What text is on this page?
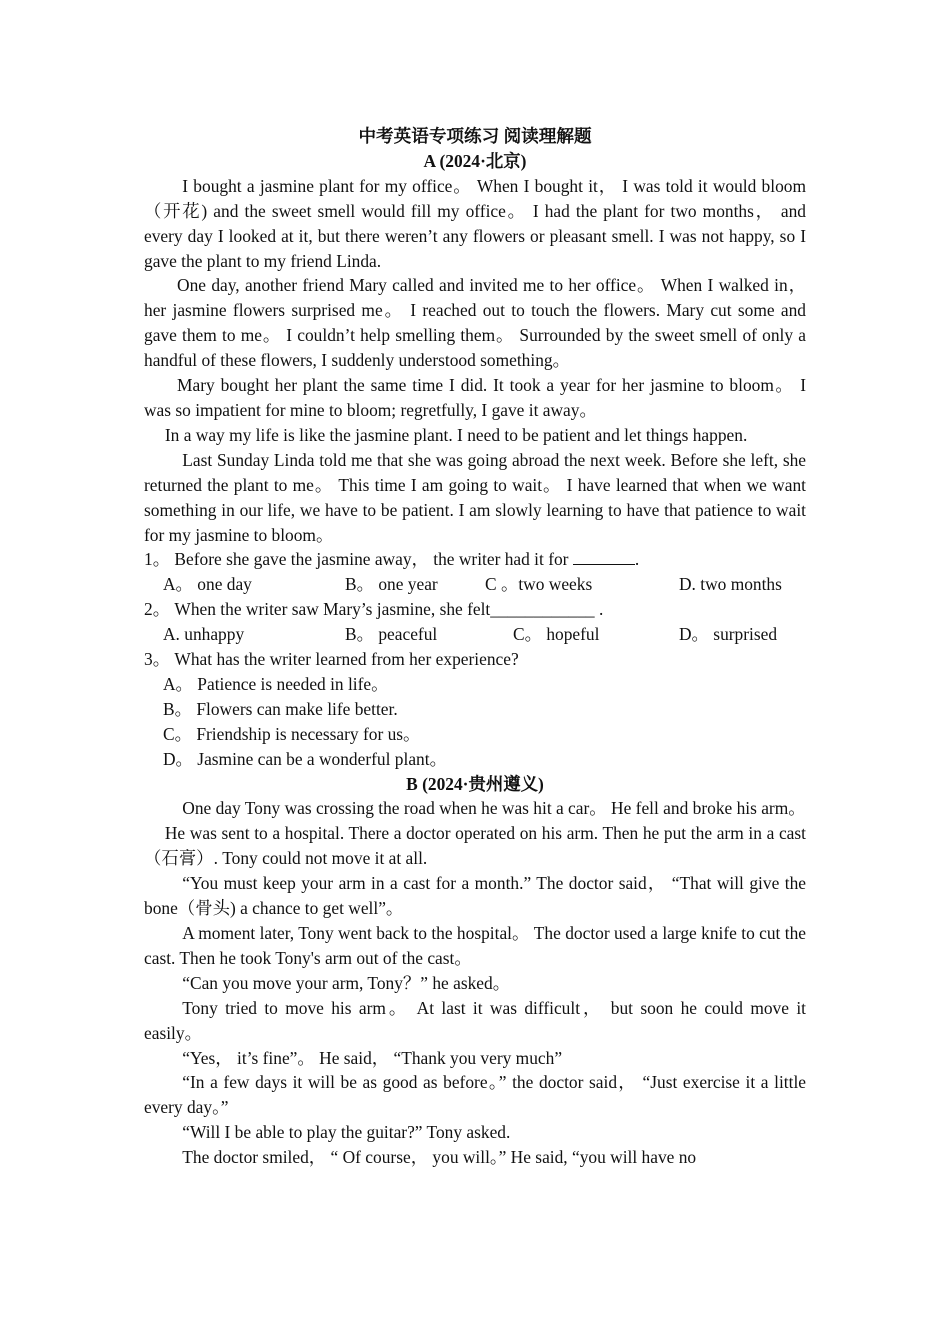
中考英语专项练习 阅读理解题
A (2024·北京)

I bought a jasmine plant for my office。 When I bought it， I was told it would bloom（开花) and the sweet smell would fill my office。 I had the plant for two months， and every day I looked at it, but there weren’t any flowers or pleasant smell. I was not happy, so I gave the plant to my friend Linda.

One day, another friend Mary called and invited me to her office。 When I walked in， her jasmine flowers surprised me。 I reached out to touch the flowers. Mary cut some and gave them to me。 I couldn’t help smelling them。 Surrounded by the sweet smell of only a handful of these flowers, I suddenly understood something。

Mary bought her plant the same time I did. It took a year for her jasmine to bloom。 I was so impatient for mine to bloom; regretfully, I gave it away。

In a way my life is like the jasmine plant. I need to be patient and let things happen.

Last Sunday Linda told me that she was going abroad the next week. Before she left, she returned the plant to me。 This time I am going to wait。 I have learned that when we want something in our life, we have to be patient. I am slowly learning to have that patience to wait for my jasmine to bloom。

1。 Before she gave the jasmine away， the writer had it for	.
A。 one day	B。 one year	C 。two weeks	D. two months
2。 When the writer saw Mary’s jasmine, she felt____________ .
A. unhappy	B。 peaceful	C。 hopeful	D。 surprised
3。 What has the writer learned from her experience?
A。 Patience is needed in life。
B。 Flowers can make life better.
C。 Friendship is necessary for us。
D。 Jasmine can be a wonderful plant。
B (2024·贵州遵义)

One day Tony was crossing the road when he was hit a car。 He fell and broke his arm。

He was sent to a hospital. There a doctor operated on his arm. Then he put the arm in a cast（石膏）. Tony could not move it at all.

“You must keep your arm in a cast for a month.” The doctor said， “That will give the bone（骨头) a chance to get well”。

A moment later, Tony went back to the hospital。 The doctor used a large knife to cut the cast. Then he took Tony's arm out of the cast。

“Can you move your arm, Tony？” he asked。

Tony tried to move his arm。 At last it was difficult， but soon he could move it easily。

“Yes， it’s fine”。 He said， “Thank you very much”

“In a few days it will be as good as before。” the doctor said， “Just exercise it a little every day。”

“Will I be able to play the guitar?” Tony asked.

The doctor smiled， “ Of course， you will。” He said, “you will have no
